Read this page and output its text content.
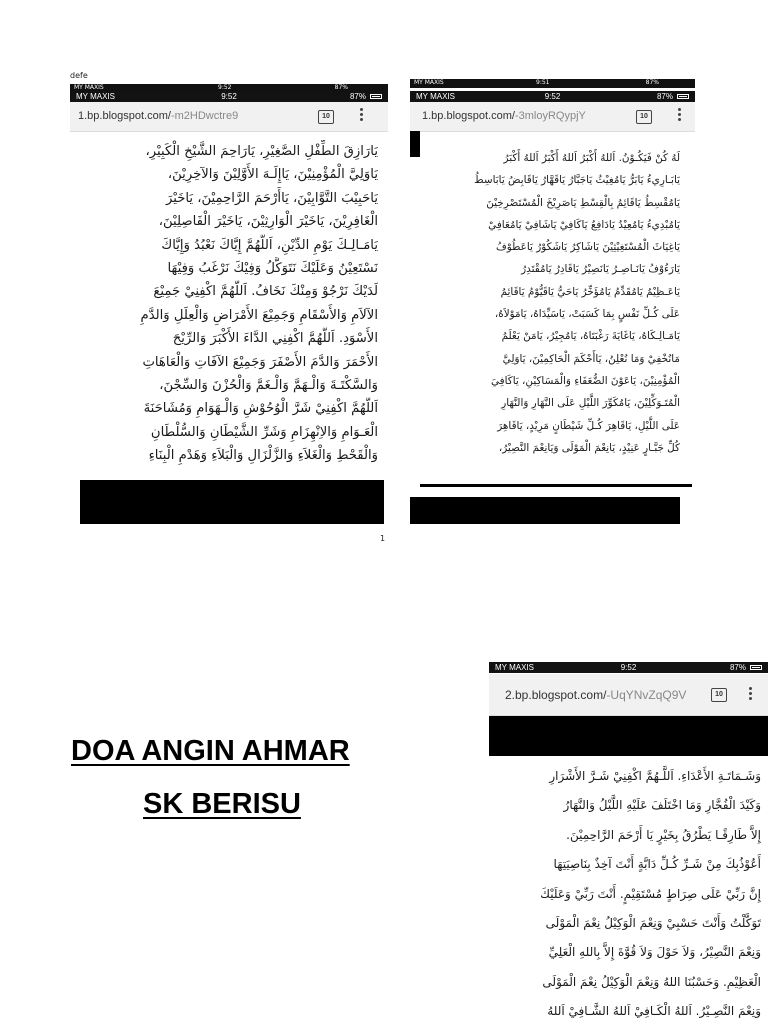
defe
1
MY MAXIS	9:52	87%
MY MAXIS	9:52	87%
1.bp.blogspot.com/-m2HDwctre9	10
يَارَازِقَ الطِّفْلِ الصَّغِيْرِ، يَارَاحِمَ الشَّيْخِ الْكَبِيْرِ،
يَاوَلِيَّ الْمُؤْمِنِيْنَ، يَاإِلَـهَ الأَوَّلِيْنَ وَالآخِرِيْنَ،
يَاحَبِيْبَ التَّوَّابِيْنَ، يَاأَرْحَمَ الرَّاحِمِيْنَ، يَاخَيْرَ
الْغَافِرِيْنَ، يَاخَيْرَ الْوَارِثِيْنَ، يَاخَيْرَ الْفَاصِلِيْنَ،
يَامَـالِـكَ يَوْمِ الدِّيْنِ، اَللَّهُمَّ إِيَّاكَ نَعْبُدُ وَإِيَّاكَ
نَسْتَعِيْنُ وَعَلَيْكَ نَتَوَكَّلُ وَفِيْكَ نَرْغَبُ وَفِيْهَا
لَدَيْكَ نَرْجُوْ وَمِنْكَ نَخَافُ. اَللَّهُمَّ اكْفِنِيْ جَمِيْعَ
الآلاَمِ وَالأَسْقَامِ وَجَمِيْعَ الأَمْرَاضِ وَالْعِلَلِ وَالدَّمِ
الأَسْوَدِ. اَللَّهُمَّ اكْفِنِي الدَّاءَ الأَكْبَرَ وَالرِّيْحَ
الأَحْمَرَ وَالدَّمَ الأَصْفَرَ وَجَمِيْعَ الآفَاتِ وَالْعَاهَاتِ
وَالسَّكْتَـةَ وَالْـهَمَّ وَالْـغَمَّ وَالْحُزْنَ وَالسِّجْنَ،
اَللَّهُمَّ اكْفِنِيْ شَرَّ الْوُحُوْشِ وَالْـهَوَامِ وَمُشَاحَنَةَ
الْعَـوَامِ وَالاِنْهِزَامِ وَشَرِّ الشَّيْطَانِ وَالسُّلْطَانِ
وَالْقَحْطِ وَالْغَلاَءِ وَالزَّلْزَالِ وَالْبَلاَءِ وَهَدْمِ الْبِنَاءِ
MY MAXIS	9:51	87%
MY MAXIS	9:52	87%
1.bp.blogspot.com/-3mloyRQypjY	10
لَهُ كُنْ فَيَكُـوْنُ. اَللهُ أَكْبَرُ اَللهُ أَكْبَرُ اَللهُ أَكْبَرُ
يَابَـارِيءُ يَابَرُّ يَامُغِيْثُ يَاجَبَّارُ يَاقَهَّارُ يَاقَابِضُ يَابَاسِطُ
يَامُقْسِطُ يَاقَائِمُ بِالْقِسْطِ يَاصَرِيْخَ الْمُسْتَصْرِخِيْنَ
يَامُبْدِيءُ يَامُعِيْدُ يَادَافِعُ يَاكَافِيْ يَاشَافِيْ يَامُعَافِيْ
يَاغِيَاثَ الْمُسْتَغِيْثِيْنَ يَاشَاكِرُ يَاشَكُوْرُ يَاعَطُوْفُ
يَارَءُوْفُ يَانَـاصِـرُ يَانَصِيْرُ يَاقَادِرُ يَامُقْتَدِرُ
يَاعَـظِيْمُ يَامُقَدِّمُ يَامُؤَخِّرُ يَاحَيُّ يَاقَيُّوْمُ يَاقَائِمُ
عَلَى كُـلِّ نَفْسٍ بِمَا كَسَبَتْ، يَاسَيِّدَاهُ، يَامَوْلاَهُ،
يَامَـالِـكَاهُ، يَاغَايَةَ رَغْبَتَاهُ، يَامُجِيْرُ، يَامَنْ يَعْلَمُ
مَانُخْفِيْ وَمَا نُعْلِنُ، يَاأَحْكَمَ الْحَاكِمِيْنَ، يَاوَلِيَّ
الْمُؤْمِنِيْنَ، يَاعَوْنَ الضُّعَفَاءِ وَالْمَسَاكِيْنِ، يَاكَافِيَ
الْمُتَـوَكِّلِيْنَ، يَامُكَوِّرَ اللَّيْلِ عَلَى النَّهَارِ وَالنَّهَارِ
عَلَى اللَّيْلِ، يَاقَاهِرَ كُـلِّ شَيْطَانٍ مَرِيْدٍ، يَاقَاهِرَ
كُلِّ جَبَّـارٍ عَنِيْدٍ، يَانِعْمَ الْمَوْلَى وَيَانِعْمَ النَّصِيْرُ،
DOA ANGIN AHMAR
SK BERISU
MY MAXIS	9:52	87%
2.bp.blogspot.com/-UqYNvZqQ9V	10
وَشَـمَاتَـةِ الأَعْدَاءِ. اَللَّـهُمَّ اكْفِنِيْ شَـرَّ الأَشْرَارِ
وَكَيْدَ الْفُجَّارِ وَمَا اخْتَلَفَ عَلَيْهِ اللَّيْلُ وَالنَّهَارُ
إِلاَّ طَارِقًـا يَطْرُقُ بِخَيْرٍ يَا أَرْحَمَ الرَّاحِمِيْنَ.
أَعُوْذُبِكَ مِنْ شَـرِّ كُـلِّ دَابَّةٍ أَنْتَ آخِذٌ بِنَاصِيَتِهَا
إِنَّ رَبِّيْ عَلَى صِرَاطٍ مُسْتَقِيْمٍ. أَنْتَ رَبِّيْ وَعَلَيْكَ
تَوَكَّلْتُ وَأَنْتَ حَسْبِيْ وَنِعْمَ الْوَكِيْلُ نِعْمَ الْمَوْلَى
وَنِعْمَ النَّصِيْرُ، وَلاَ حَوْلَ وَلاَ قُوَّةَ إِلاَّ بِاللهِ الْعَلِيِّ
الْعَظِيْمِ. وَحَسْبُنَا اللهُ وَنِعْمَ الْوَكِيْلُ نِعْمَ الْمَوْلَى
وَنِعْمَ النَّصِـيْرُ. اَللهُ الْكَـافِيْ اَللهُ الشَّـافِيْ اَللهُ
